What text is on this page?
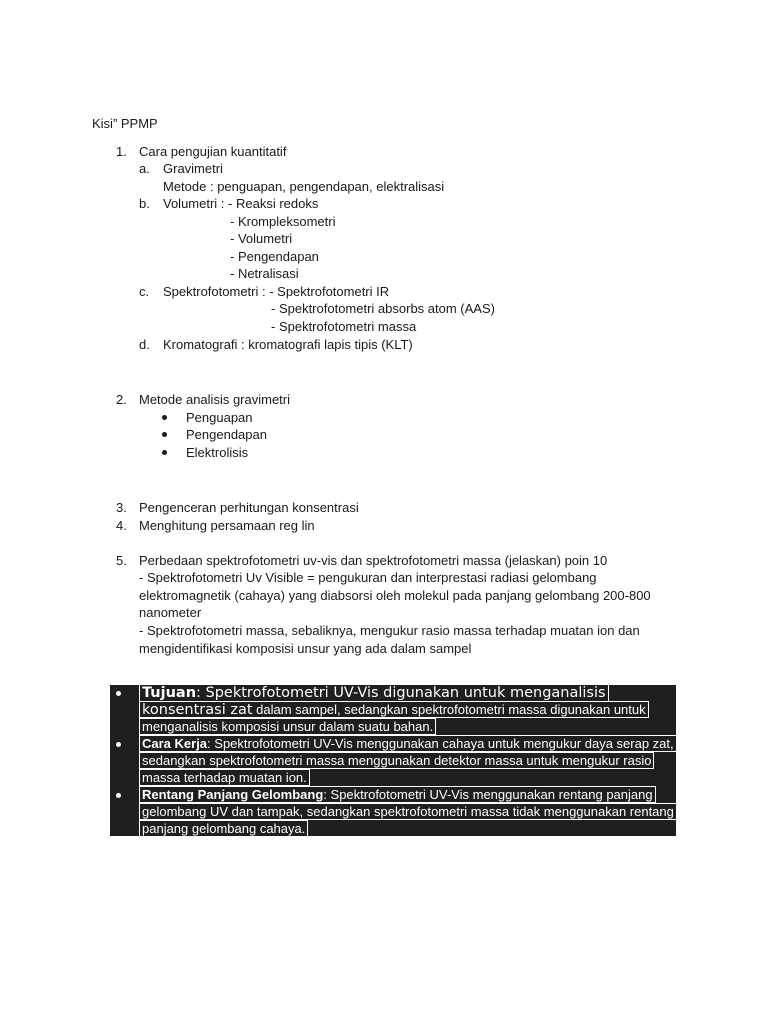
Kisi” PPMP
1. Cara pengujian kuantitatif
a. Gravimetri
Metode : penguapan, pengendapan, elektralisasi
b. Volumetri : - Reaksi redoks
- Krompleksometri
- Volumetri
- Pengendapan
- Netralisasi
c. Spektrofotometri : - Spektrofotometri IR
- Spektrofotometri absorbs atom (AAS)
- Spektrofotometri massa
d. Kromatografi : kromatografi lapis tipis (KLT)
2. Metode analisis gravimetri
Penguapan
Pengendapan
Elektrolisis
3. Pengenceran perhitungan konsentrasi
4. Menghitung persamaan reg lin
5. Perbedaan spektrofotometri uv-vis dan spektrofotometri massa (jelaskan) poin 10
- Spektrofotometri Uv Visible = pengukuran dan interprestasi radiasi gelombang
elektromagnetik (cahaya) yang diabsorsi oleh molekul pada panjang gelombang 200-800
nanometer
- Spektrofotometri massa, sebaliknya, mengukur rasio massa terhadap muatan ion dan
mengidentifikasi komposisi unsur yang ada dalam sampel
Tujuan: Spektrofotometri UV-Vis digunakan untuk menganalisis
konsentrasi zat dalam sampel, sedangkan spektrofotometri massa digunakan untuk
menganalisis komposisi unsur dalam suatu bahan.
Cara Kerja: Spektrofotometri UV-Vis menggunakan cahaya untuk mengukur daya serap zat,
sedangkan spektrofotometri massa menggunakan detektor massa untuk mengukur rasio
massa terhadap muatan ion.
Rentang Panjang Gelombang: Spektrofotometri UV-Vis menggunakan rentang panjang
gelombang UV dan tampak, sedangkan spektrofotometri massa tidak menggunakan rentang
panjang gelombang cahaya.
